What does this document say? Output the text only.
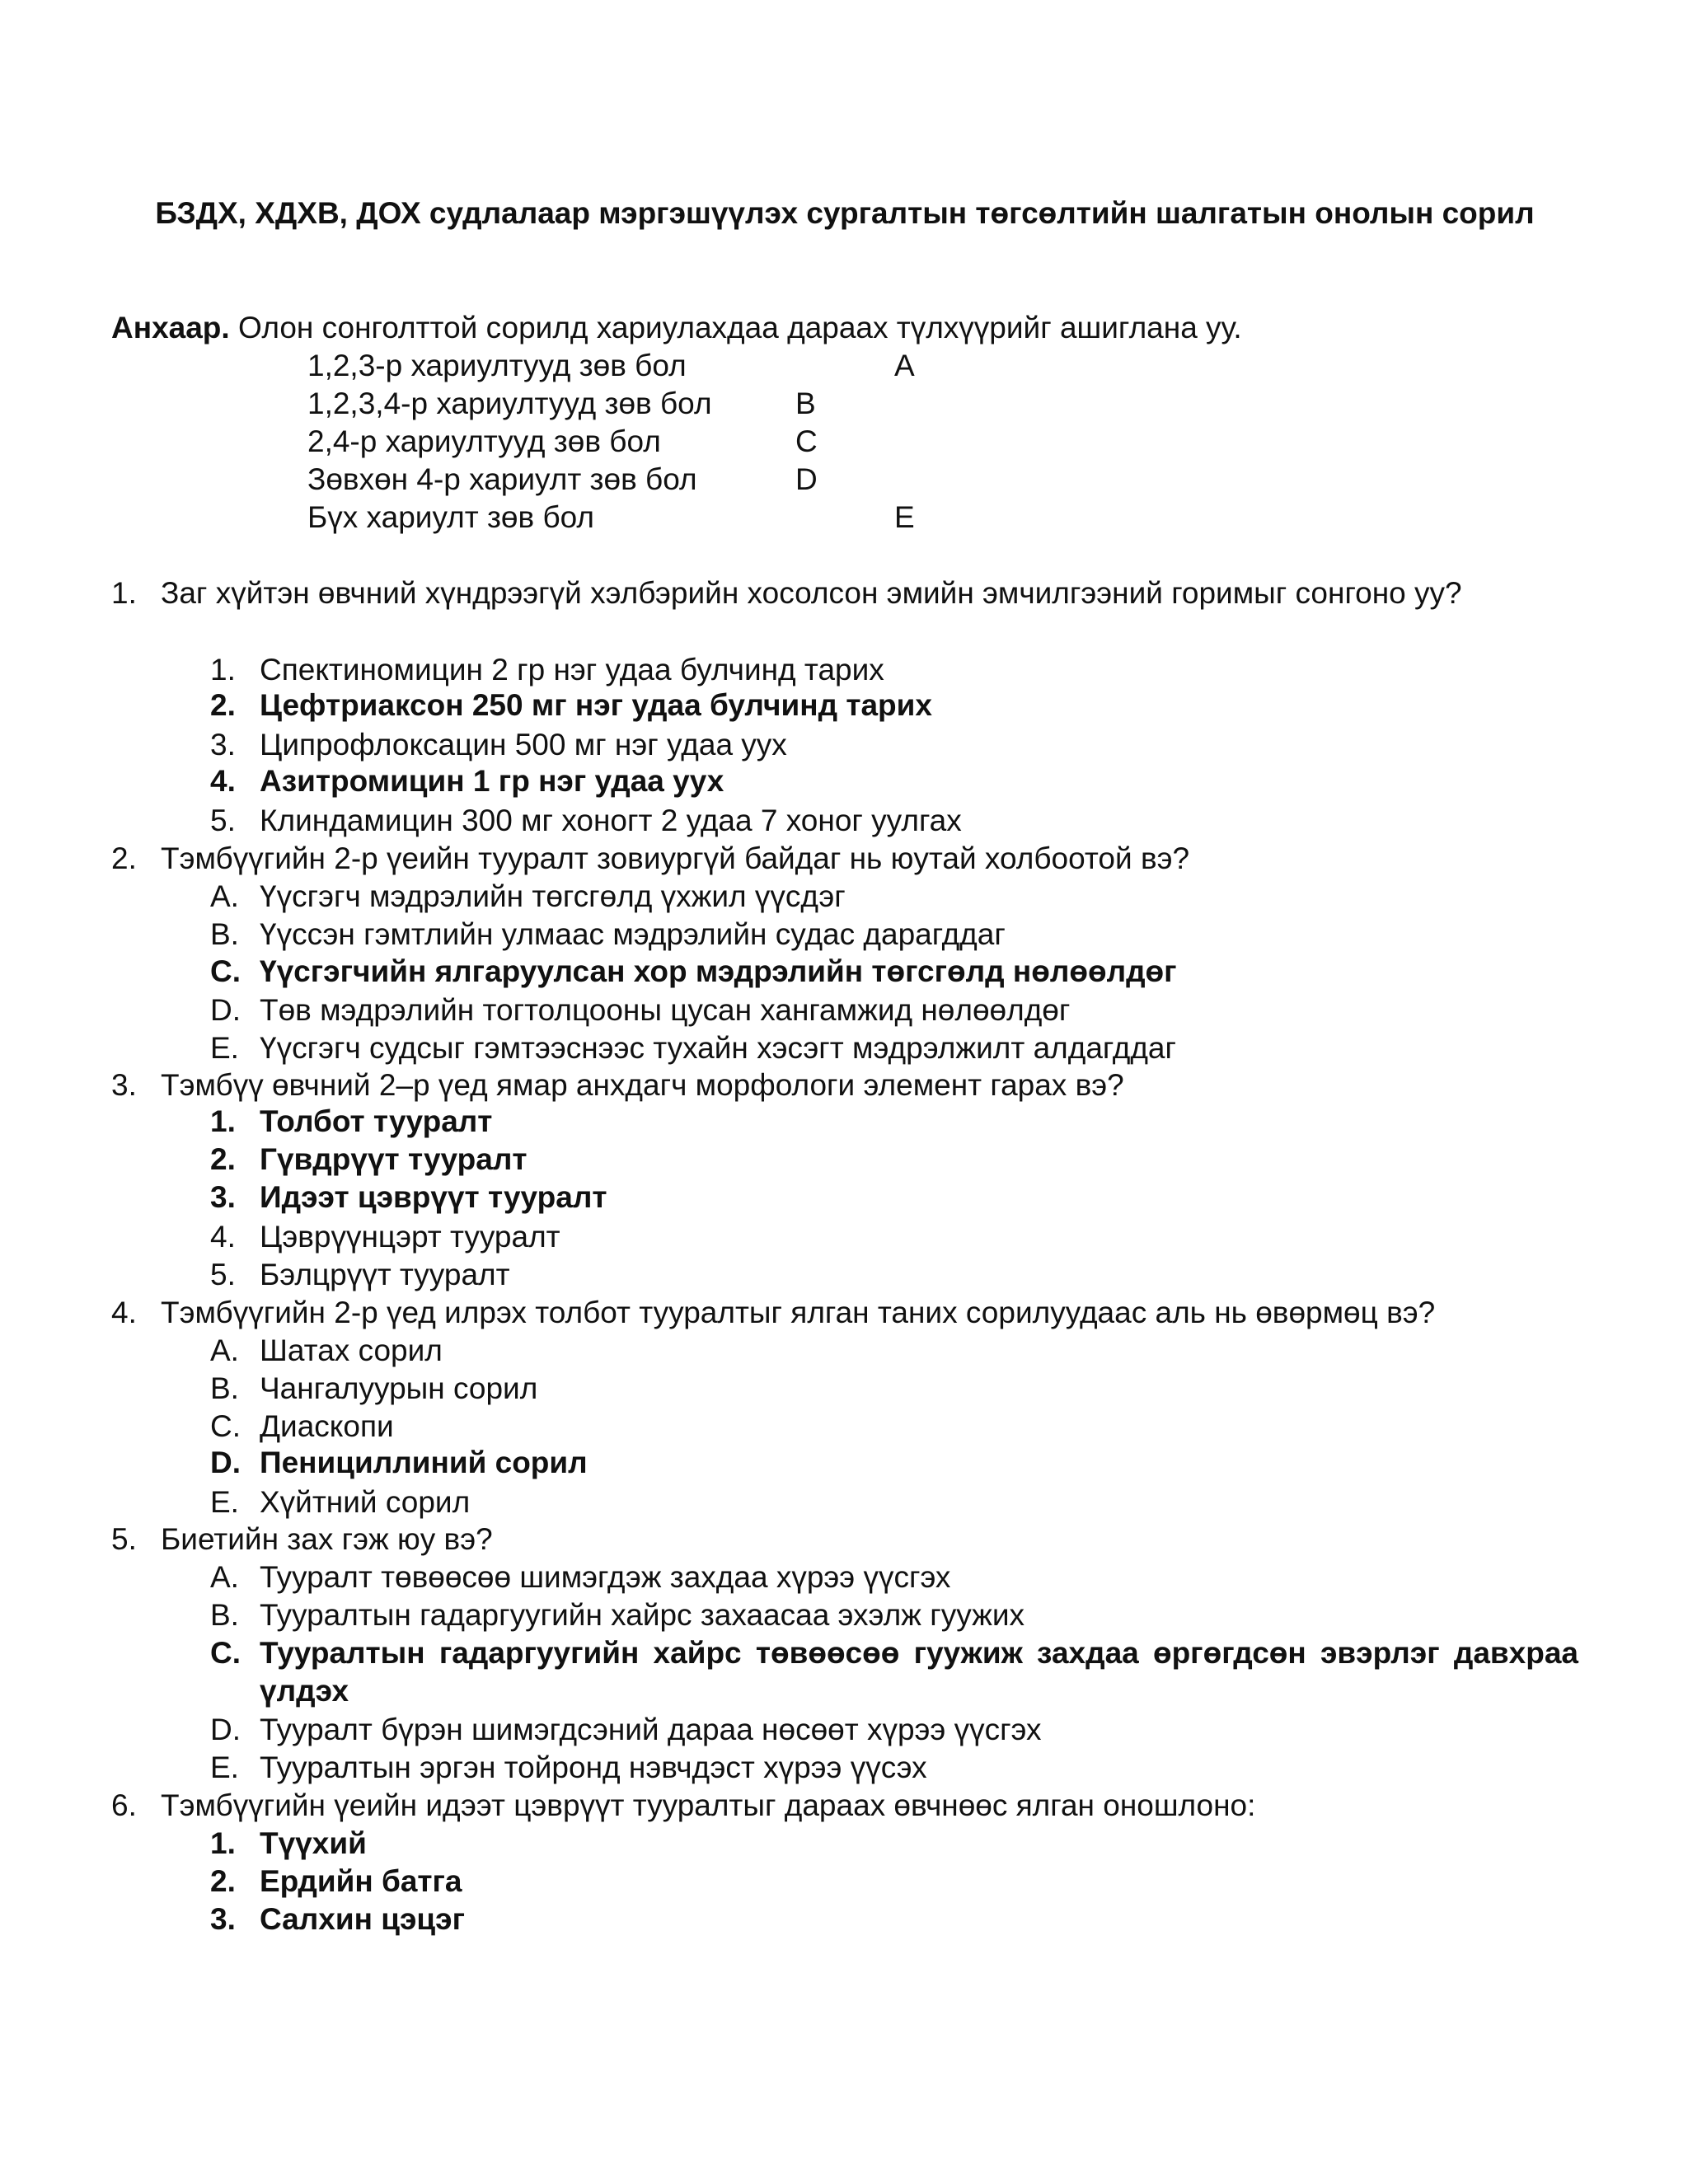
БЗДХ, ХДХВ, ДОХ судлалаар мэргэшүүлэх сургалтын төгсөлтийн шалгатын онолын сорил
Анхаар. Олон сонголттой сорилд хариулахдаа дараах түлхүүрийг ашиглана уу.
1,2,3-р хариултууд зөв бол	A
1,2,3,4-р хариултууд зөв бол	B
2,4-р хариултууд зөв бол	C
Зөвхөн 4-р хариулт зөв бол	D
Бүх хариулт зөв бол	E
1. Заг хүйтэн өвчний хүндрээгүй хэлбэрийн хосолсон эмийн эмчилгээний горимыг сонгоно уу?
1. Спектиномицин 2 гр нэг удаа булчинд тарих
2. Цефтриаксон 250 мг нэг удаа булчинд тарих
3. Ципрофлоксацин 500 мг нэг удаа уух
4. Азитромицин 1 гр нэг удаа уух
5. Клиндамицин 300 мг хоногт 2 удаа 7 хоног уулгах
2. Тэмбүүгийн 2-р үеийн тууралт зовиургүй байдаг нь юутай холбоотой вэ?
A. Үүсгэгч мэдрэлийн төгсгөлд үхжил үүсдэг
B. Үүссэн гэмтлийн улмаас мэдрэлийн судас дарагддаг
C. Үүсгэгчийн ялгаруулсан хор мэдрэлийн төгсгөлд нөлөөлдөг
D. Төв мэдрэлийн тогтолцооны цусан хангамжид нөлөөлдөг
E. Үүсгэгч судсыг гэмтээснээс тухайн хэсэгт мэдрэлжилт алдагддаг
3. Тэмбүү өвчний 2–р үед ямар анхдагч морфологи элемент гарах вэ?
1. Толбот тууралт
2. Гүвдрүүт тууралт
3. Идээт цэврүүт тууралт
4. Цэврүүнцэрт тууралт
5. Бэлцрүүт тууралт
4. Тэмбүүгийн 2-р үед илрэх толбот тууралтыг ялган таних сорилуудаас аль нь өвөрмөц вэ?
A. Шатах сорил
B. Чангалуурын сорил
C. Диаскопи
D. Пенициллиний сорил
E. Хүйтний сорил
5. Биетийн зах гэж юу вэ?
A. Тууралт төвөөсөө шимэгдэж захдаа хүрээ үүсгэх
B. Тууралтын гадаргуугийн хайрс захаасаа эхэлж гуужих
C. Тууралтын гадаргуугийн хайрс төвөөсөө гуужиж захдаа өргөгдсөн эвэрлэг давхраа үлдэх
D. Тууралт бүрэн шимэгдсэний дараа нөсөөт хүрээ үүсгэх
E. Тууралтын эргэн тойронд нэвчдэст хүрээ үүсэх
6. Тэмбүүгийн үеийн идээт цэврүүт тууралтыг дараах өвчнөөс ялган оношлоно:
1. Түүхий
2. Ердийн батга
3. Салхин цэцэг
